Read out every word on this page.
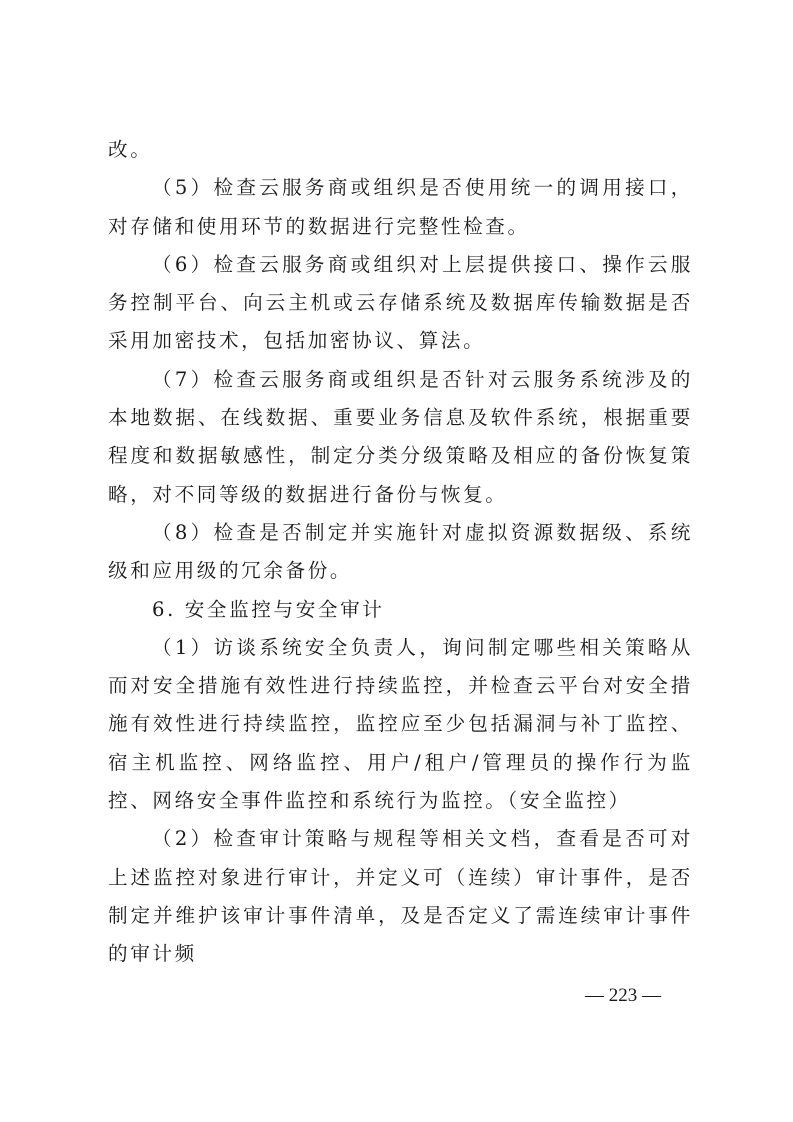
改。

（5）检查云服务商或组织是否使用统一的调用接口，对存储和使用环节的数据进行完整性检查。

（6）检查云服务商或组织对上层提供接口、操作云服务控制平台、向云主机或云存储系统及数据库传输数据是否采用加密技术，包括加密协议、算法。

（7）检查云服务商或组织是否针对云服务系统涉及的本地数据、在线数据、重要业务信息及软件系统，根据重要程度和数据敏感性，制定分类分级策略及相应的备份恢复策略，对不同等级的数据进行备份与恢复。

（8）检查是否制定并实施针对虚拟资源数据级、系统级和应用级的冗余备份。

6. 安全监控与安全审计

（1）访谈系统安全负责人，询问制定哪些相关策略从而对安全措施有效性进行持续监控，并检查云平台对安全措施有效性进行持续监控，监控应至少包括漏洞与补丁监控、宿主机监控、网络监控、用户/租户/管理员的操作行为监控、网络安全事件监控和系统行为监控。（安全监控）

（2）检查审计策略与规程等相关文档，查看是否可对上述监控对象进行审计，并定义可（连续）审计事件，是否制定并维护该审计事件清单，及是否定义了需连续审计事件的审计频

— 223 —
